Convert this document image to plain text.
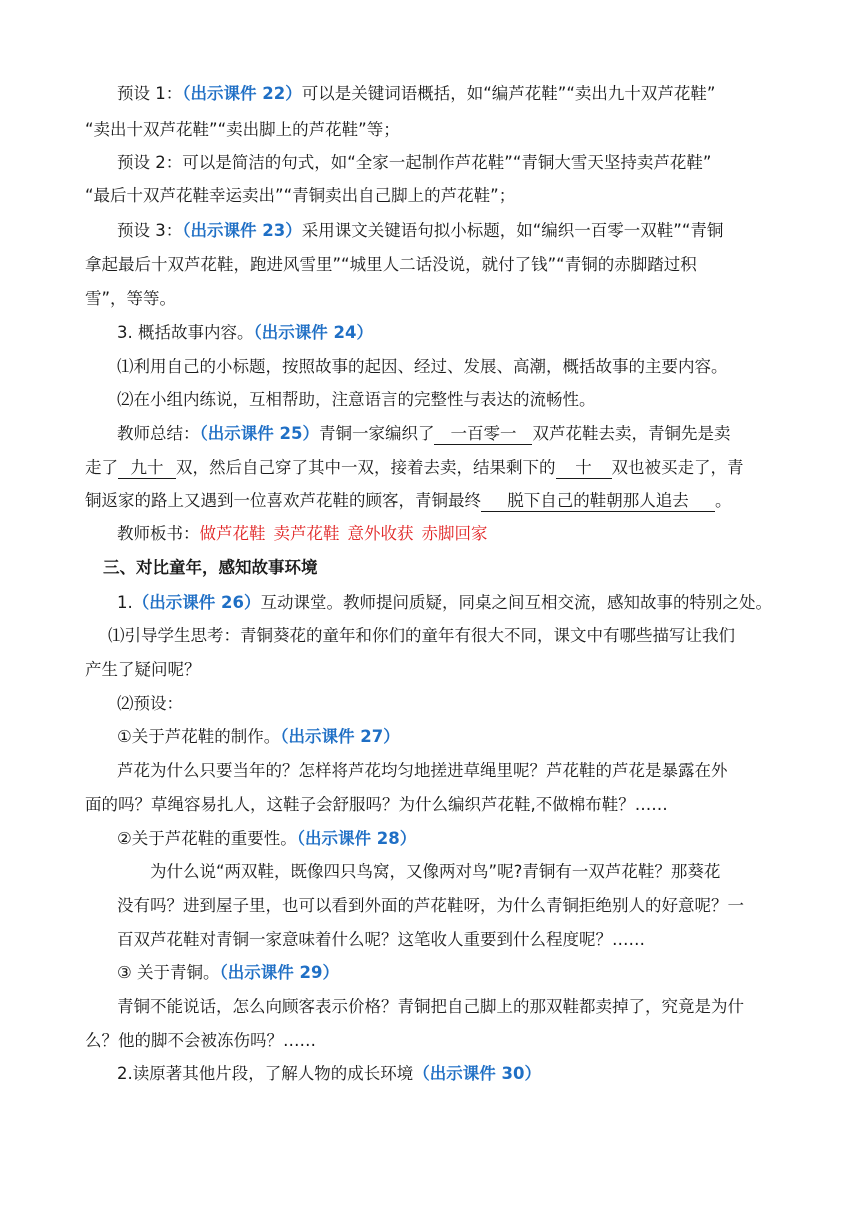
预设 1：（出示课件 22）可以是关键词语概括，如“编芦花鞋”“卖出九十双芦花鞋”
“卖出十双芦花鞋”“卖出脚上的芦花鞋”等；
预设 2：可以是简洁的句式，如“全家一起制作芦花鞋”“青铜大雪天坚持卖芦花鞋”
“最后十双芦花鞋幸运卖出”“青铜卖出自己脚上的芦花鞋”；
预设 3：（出示课件 23）采用课文关键语句拟小标题，如“编织一百零一双鞋”“青铜
拿起最后十双芦花鞋，跑进风雪里”“城里人二话没说，就付了钱”“青铜的赤脚踏过积
雪”，等等。
3. 概括故事内容。（出示课件 24）
⑴利用自己的小标题，按照故事的起因、经过、发展、高潮，概括故事的主要内容。
⑵在小组内练说，互相帮助，注意语言的完整性与表达的流畅性。
教师总结：（出示课件 25）青铜一家编织了 一百零一 双芦花鞋去卖，青铜先是卖
走了 九十 双，然后自己穿了其中一双，接着去卖，结果剩下的 十 双也被买走了，青
铜返家的路上又遇到一位喜欢芦花鞋的顾客，青铜最终 脱下自己的鞋朝那人追去 。
教师板书：做芦花鞋 卖芦花鞋 意外收获 赤脚回家
三、对比童年，感知故事环境
1.（出示课件 26）互动课堂。教师提问质疑，同桌之间互相交流，感知故事的特别之处。
⑴引导学生思考：青铜葵花的童年和你们的童年有很大不同，课文中有哪些描写让我们
产生了疑问呢？
⑵预设：
①关于芦花鞋的制作。（出示课件 27）
芦花为什么只要当年的？怎样将芦花均匀地搓进草绳里呢？芦花鞋的芦花是暴露在外
面的吗？草绳容易扎人，这鞋子会舒服吗？为什么编织芦花鞋,不做棉布鞋？……
②关于芦花鞋的重要性。（出示课件 28）
为什么说“两双鞋，既像四只鸟窝，又像两对鸟”呢?青铜有一双芦花鞋？那葵花
没有吗？进到屋子里，也可以看到外面的芦花鞋呀，为什么青铜拒绝别人的好意呢？一
百双芦花鞋对青铜一家意味着什么呢？这笔收人重要到什么程度呢？……
③ 关于青铜。（出示课件 29）
青铜不能说话，怎么向顾客表示价格？青铜把自己脚上的那双鞋都卖掉了，究竟是为什
么？他的脚不会被冻伤吗？……
2.读原著其他片段，了解人物的成长环境（出示课件 30）
